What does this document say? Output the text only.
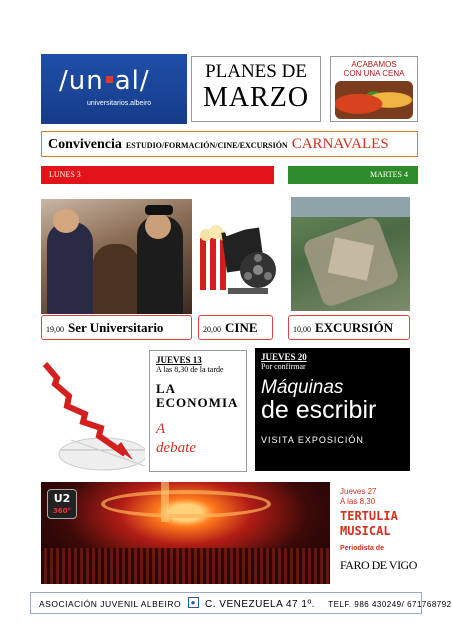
/un al/
universitarios.albeiro
PLANES DE
MARZO
ACABAMOS CON UNA CENA
Convivencia ESTUDIO/FORMACIÓN/CINE/EXCURSIÓN CARNAVALES
LUNES 3	MARTES 4
19,00 Ser Universitario	20,00 CINE	10,00 EXCURSIÓN
JUEVES 13
A las 8,30 de la tarde
LA ECONOMIA
A
debate
JUEVES 20
Por confirmar
Máquinas
de escribir
VISITA EXPOSICIÓN
U2
360°
Jueves 27
A las 8,30
TERTULIA
MUSICAL
Periodista de
FARO DE VIGO
ASOCIACIÓN JUVENIL ALBEIRO ● C. VENEZUELA 47 1º. TELF. 986 430249/ 671768792
